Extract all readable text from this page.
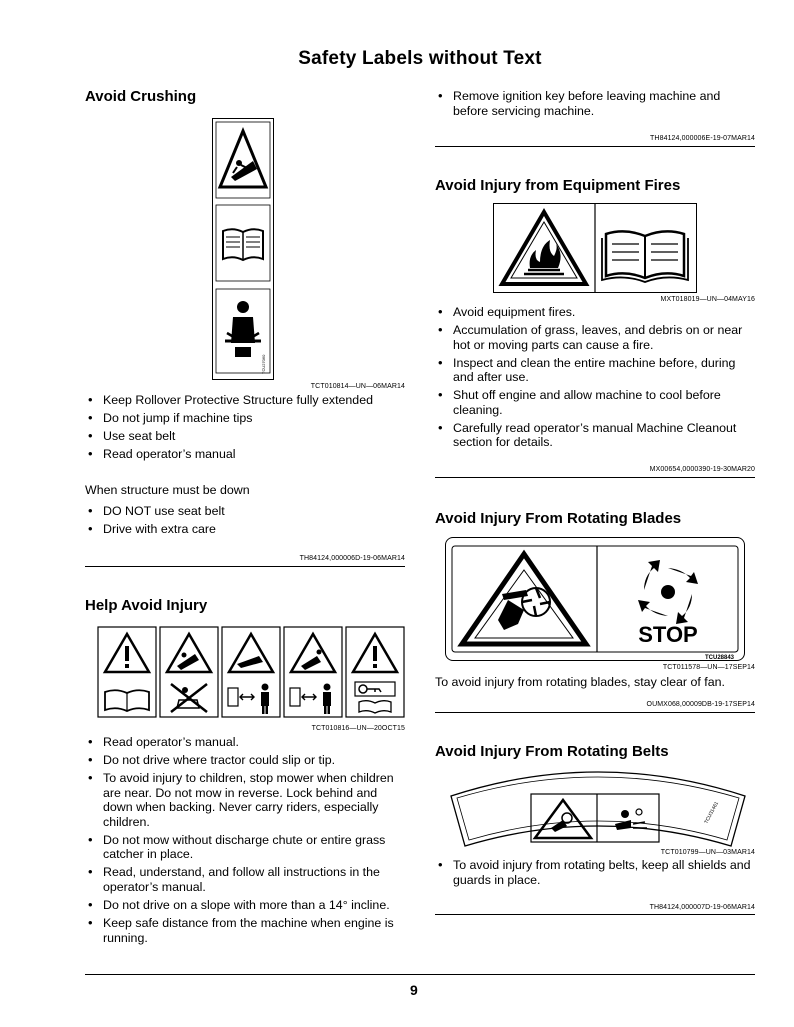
Safety Labels without Text
Avoid Crushing
TCU27060
TCT010814—UN—06MAR14
• Keep Rollover Protective Structure fully extended
• Do not jump if machine tips
• Use seat belt
• Read operator’s manual
When structure must be down
• DO NOT use seat belt
• Drive with extra care
TH84124,000006D-19-06MAR14
Help Avoid Injury
TCT010816—UN—20OCT15
• Read operator’s manual.
• Do not drive where tractor could slip or tip.
• To avoid injury to children, stop mower when children are near. Do not mow in reverse. Lock behind and down when backing. Never carry riders, especially children.
• Do not mow without discharge chute or entire grass catcher in place.
• Read, understand, and follow all instructions in the operator’s manual.
• Do not drive on a slope with more than a 14° incline.
• Keep safe distance from the machine when engine is running.
• Remove ignition key before leaving machine and before servicing machine.
TH84124,000006E-19-07MAR14
Avoid Injury from Equipment Fires
MXT018019—UN—04MAY16
• Avoid equipment fires.
• Accumulation of grass, leaves, and debris on or near hot or moving parts can cause a fire.
• Inspect and clean the entire machine before, during and after use.
• Shut off engine and allow machine to cool before cleaning.
• Carefully read operator’s manual Machine Cleanout section for details.
MX00654,0000390-19-30MAR20
Avoid Injury From Rotating Blades
STOP
TCU28843
TCT011578—UN—17SEP14
To avoid injury from rotating blades, stay clear of fan.
OUMX068,00009DB-19-17SEP14
Avoid Injury From Rotating Belts
TCU31461
TCT010799—UN—03MAR14
• To avoid injury from rotating belts, keep all shields and guards in place.
TH84124,000007D-19-06MAR14
9
